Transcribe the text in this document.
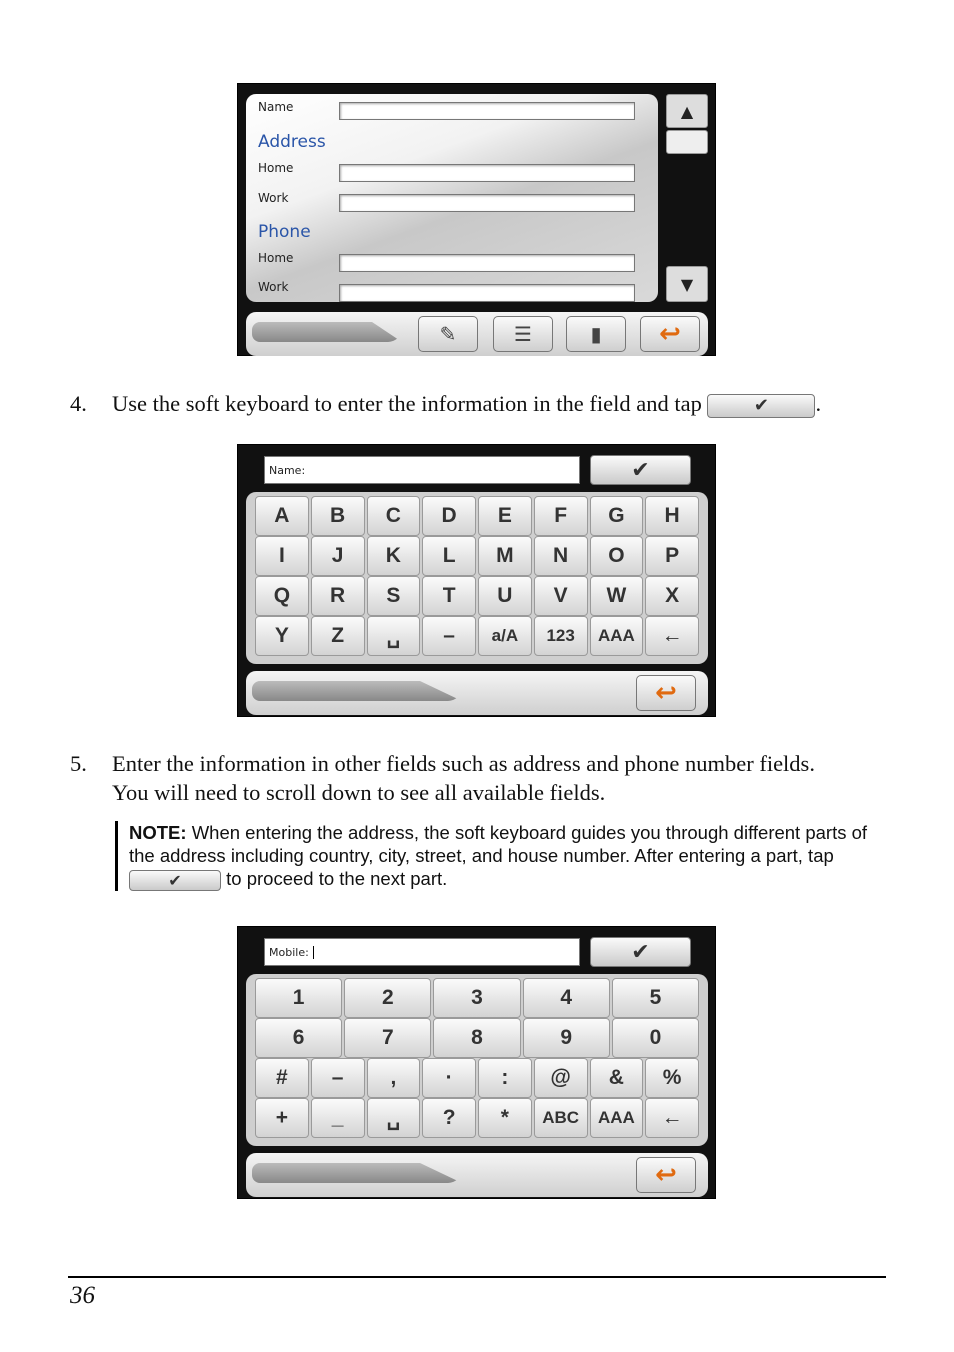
Name
Address
Home
Work
Phone
Home
Work
▲
▼
✎	☰	▮ ↩
4. Use the soft keyboard to enter the information in the field and tap	✔ .
Name:	✔
A	B	C	D	E	F	G	H
I	J	K	L	M	N	O	P
Q	R	S	T	U	V	W	X
Y	Z	␣	–	a/A	123	AAA	←
↩
5. Enter the information in other fields such as address and phone number fields.
You will need to scroll down to see all available fields.
NOTE: When entering the address, the soft keyboard guides you through different parts of
the address including country, city, street, and house number. After entering a part, tap
✔ to proceed to the next part.
Mobile:	✔
1	2	3	4	5
6	7	8	9	0
#	–	,	·	:	@	&	%
+	_	␣	?	*	ABC	AAA	←
↩
36
